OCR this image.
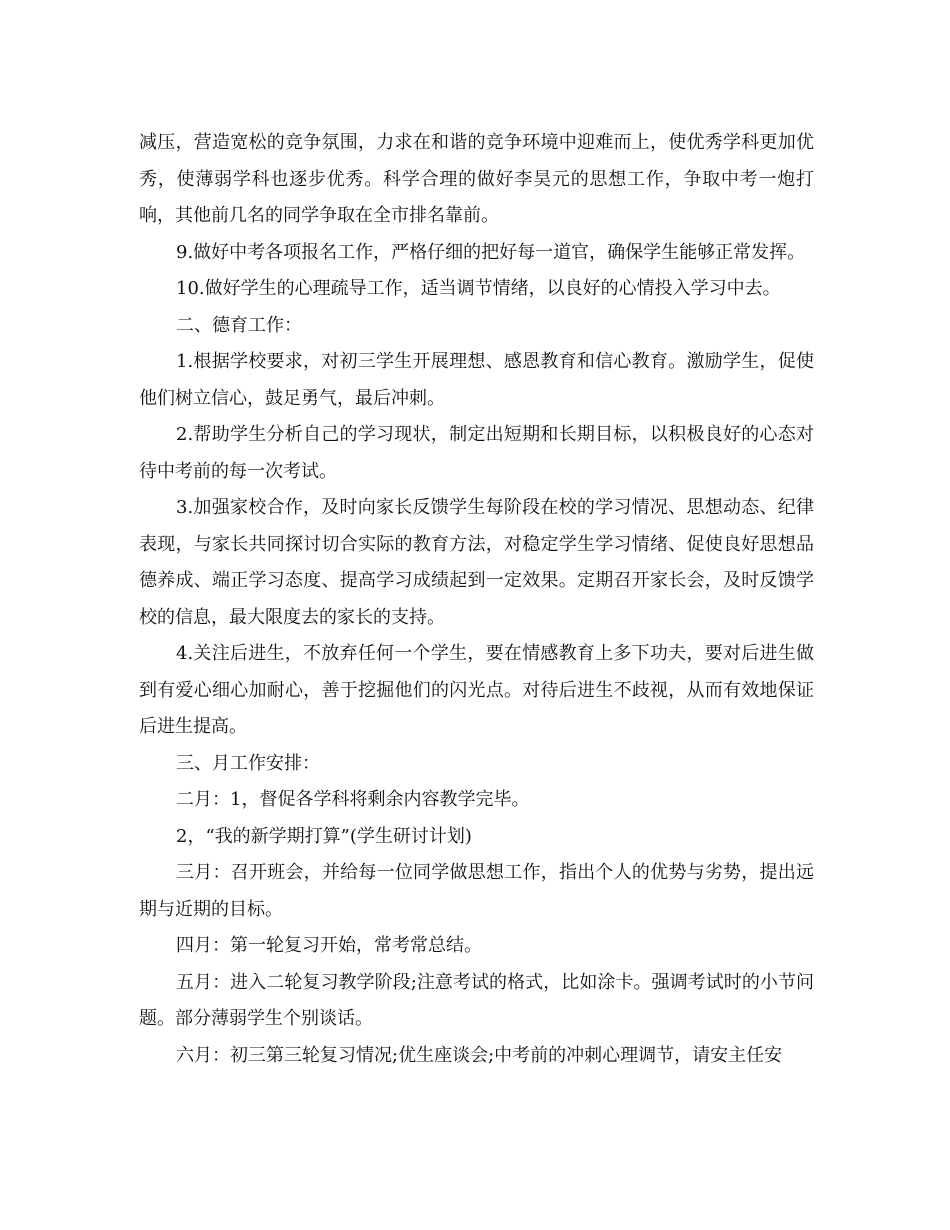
减压，营造宽松的竞争氛围，力求在和谐的竞争环境中迎难而上，使优秀学科更加优秀，使薄弱学科也逐步优秀。科学合理的做好李昊元的思想工作，争取中考一炮打响，其他前几名的同学争取在全市排名靠前。

9.做好中考各项报名工作，严格仔细的把好每一道官，确保学生能够正常发挥。

10.做好学生的心理疏导工作，适当调节情绪，以良好的心情投入学习中去。

二、德育工作：

1.根据学校要求，对初三学生开展理想、感恩教育和信心教育。激励学生，促使他们树立信心，鼓足勇气，最后冲刺。

2.帮助学生分析自己的学习现状，制定出短期和长期目标，以积极良好的心态对待中考前的每一次考试。

3.加强家校合作，及时向家长反馈学生每阶段在校的学习情况、思想动态、纪律表现，与家长共同探讨切合实际的教育方法，对稳定学生学习情绪、促使良好思想品德养成、端正学习态度、提高学习成绩起到一定效果。定期召开家长会，及时反馈学校的信息，最大限度去的家长的支持。

4.关注后进生，不放弃任何一个学生，要在情感教育上多下功夫，要对后进生做到有爱心细心加耐心，善于挖掘他们的闪光点。对待后进生不歧视，从而有效地保证后进生提高。

三、月工作安排：

二月：1，督促各学科将剩余内容教学完毕。

2，“我的新学期打算”(学生研讨计划)

三月：召开班会，并给每一位同学做思想工作，指出个人的优势与劣势，提出远期与近期的目标。

四月：第一轮复习开始，常考常总结。

五月：进入二轮复习教学阶段;注意考试的格式，比如涂卡。强调考试时的小节问题。部分薄弱学生个别谈话。

六月：初三第三轮复习情况;优生座谈会;中考前的冲刺心理调节，请安主任安
